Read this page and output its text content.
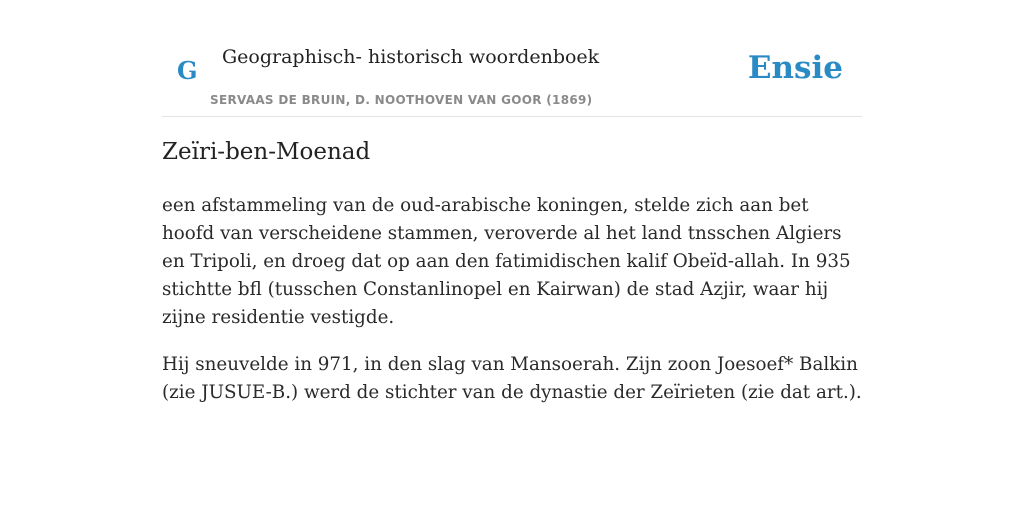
G Geographisch- historisch woordenboek
SERVAAS DE BRUIN, D. NOOTHOVEN VAN GOOR (1869)
Ensie
Zeïri-ben-Moenad

een afstammeling van de oud-arabische koningen, stelde zich aan bet hoofd van verscheidene stammen, veroverde al het land tnsschen Algiers en Tripoli, en droeg dat op aan den fatimidischen kalif Obeïd-allah. In 935 stichtte bfl (tusschen Constanlinopel en Kairwan) de stad Azjir, waar hij zijne residentie vestigde.

Hij sneuvelde in 971, in den slag van Mansoerah. Zijn zoon Joesoef* Balkin (zie JUSUE-B.) werd de stichter van de dynastie der Zeïrieten (zie dat art.).
